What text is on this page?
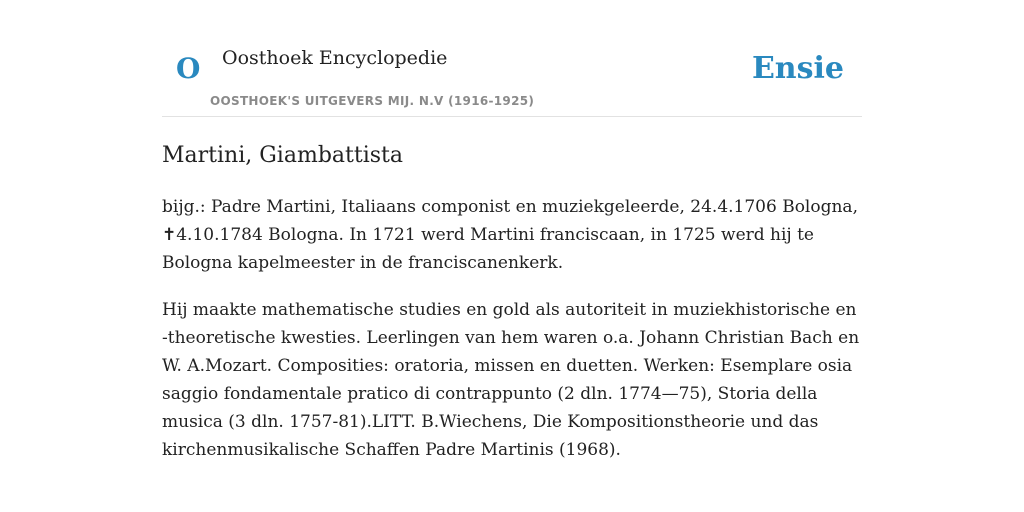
O Oosthoek Encyclopedie
OOSTHOEK'S UITGEVERS MIJ. N.V (1916-1925)
Ensie
Martini, Giambattista

bijg.: Padre Martini, Italiaans componist en muziekgeleerde, 24.4.1706 Bologna, ✝4.10.1784 Bologna. In 1721 werd Martini franciscaan, in 1725 werd hij te Bologna kapelmeester in de franciscanenkerk.

Hij maakte mathematische studies en gold als autoriteit in muziekhistorische en -theoretische kwesties. Leerlingen van hem waren o.a. Johann Christian Bach en W. A.Mozart. Composities: oratoria, missen en duetten. Werken: Esemplare osia saggio fondamentale pratico di contrappunto (2 dln. 1774—75), Storia della musica (3 dln. 1757-81).LITT. B.Wiechens, Die Kompositionstheorie und das kirchenmusikalische Schaffen Padre Martinis (1968).
